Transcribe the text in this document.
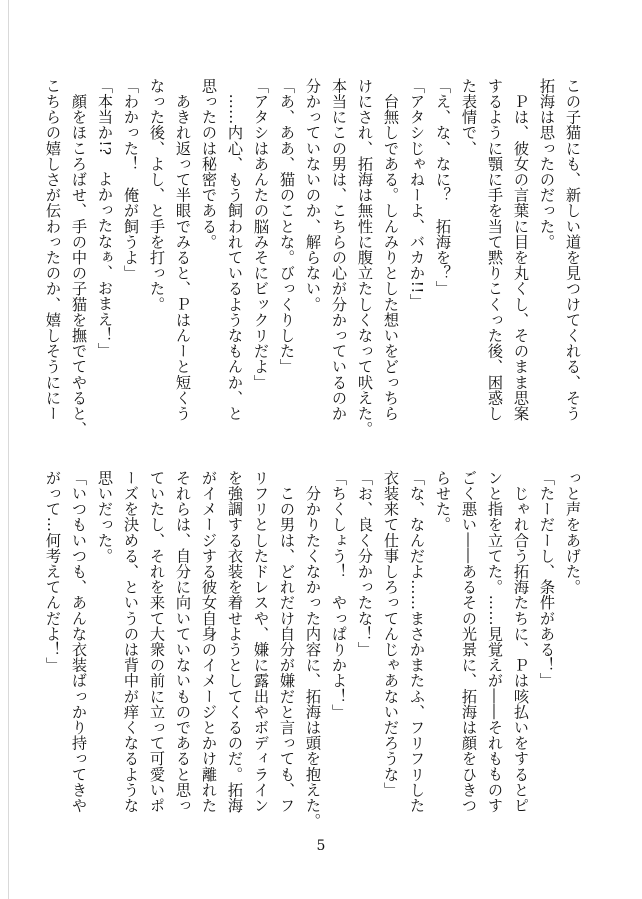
この子猫にも、新しい道を見つけてくれる、そう
拓海は思ったのだった。
　Ｐは、彼女の言葉に目を丸くし、そのまま思案
するように顎に手を当て黙りこくった後、困惑し
た表情で、
「え、な、なに？　拓海を？」
「アタシじゃねーよ、バカか!!」
　台無しである。しんみりとした想いをどっちら
けにされ、拓海は無性に腹立たしくなって吠えた。
本当にこの男は、こちらの心が分かっているのか
分かっていないのか、解らない。
「あ、ああ、猫のことな。びっくりした」
「アタシはあんたの脳みそにビックリだよ」
　……内心、もう飼われているようなもんか、と
思ったのは秘密である。
　あきれ返って半眼でみると、Ｐはんーと短くう
なった後、よし、と手を打った。
「わかった！　俺が飼うよ」
「本当か!?　よかったなぁ、おまえ！」
　顔をほころばせ、手の中の子猫を撫でてやると、
こちらの嬉しさが伝わったのか、嬉しそうににー
っと声をあげた。
「たーだーし、条件がある！」
　じゃれ合う拓海たちに、Ｐは咳払いをするとピ
ンと指を立てた。……見覚えが――それもものす
ごく悪い――あるその光景に、拓海は顔をひきつ
らせた。
「な、なんだよ……まさかまたふ、フリフリした
衣装来て仕事しろってんじゃあないだろうな」
「お、良く分かったな！」
「ちくしょう！　やっぱりかよ！」
　分かりたくなかった内容に、拓海は頭を抱えた。
　この男は、どれだけ自分が嫌だと言っても、フ
リフリとしたドレスや、嫌に露出やボディライン
を強調する衣装を着せようとしてくるのだ。拓海
がイメージする彼女自身のイメージとかけ離れた
それらは、自分に向いていないものであると思っ
ていたし、それを来て大衆の前に立って可愛いポ
ーズを決める、というのは背中が痒くなるような
思いだった。
「いつもいつも、あんな衣装ばっかり持ってきや
がって…何考えてんだよ！」
5
